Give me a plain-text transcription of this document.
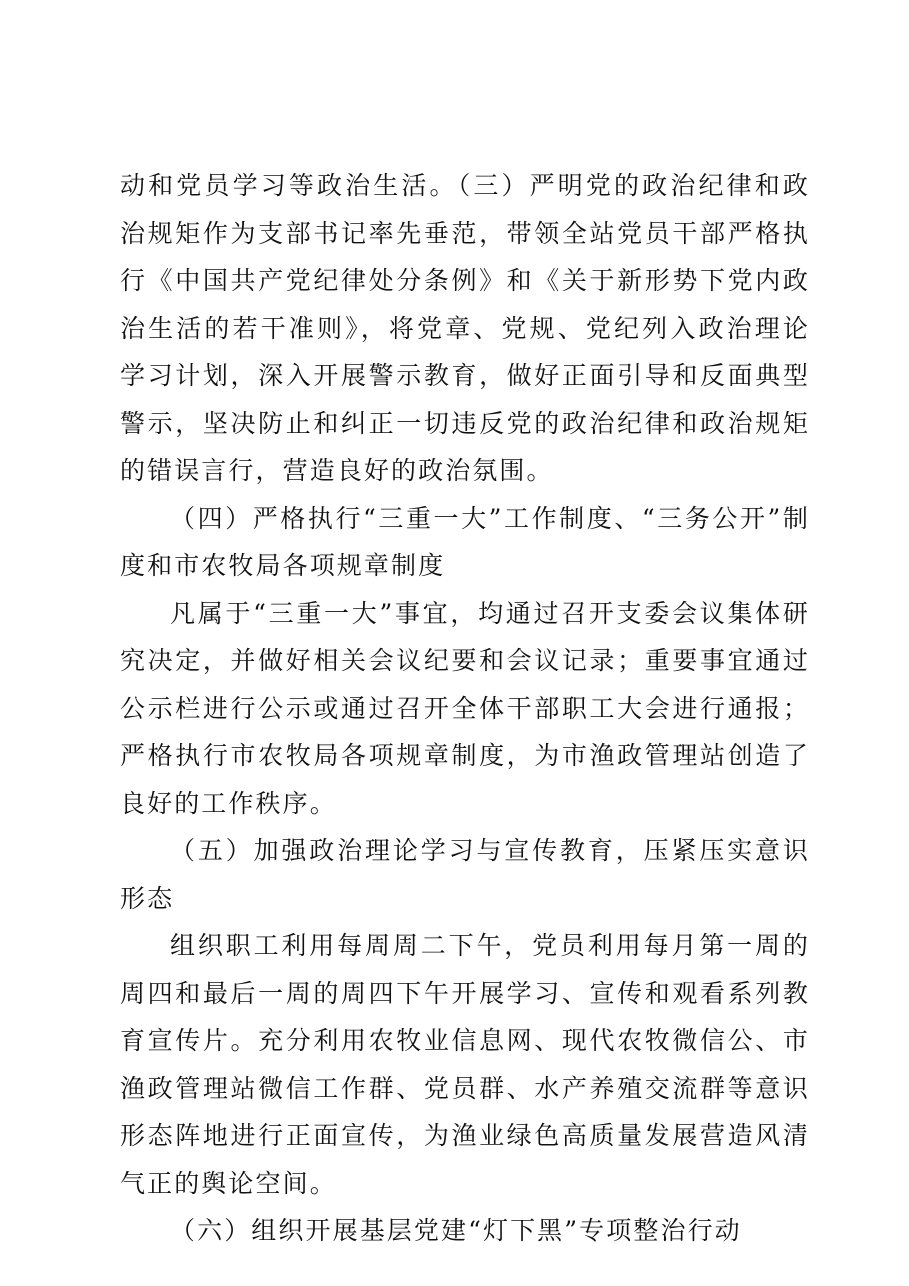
动和党员学习等政治生活。（三）严明党的政治纪律和政治规矩作为支部书记率先垂范，带领全站党员干部严格执行《中国共产党纪律处分条例》和《关于新形势下党内政治生活的若干准则》，将党章、党规、党纪列入政治理论学习计划，深入开展警示教育，做好正面引导和反面典型警示，坚决防止和纠正一切违反党的政治纪律和政治规矩的错误言行，营造良好的政治氛围。

（四）严格执行“三重一大”工作制度、“三务公开”制度和市农牧局各项规章制度

凡属于“三重一大”事宜，均通过召开支委会议集体研究决定，并做好相关会议纪要和会议记录；重要事宜通过公示栏进行公示或通过召开全体干部职工大会进行通报；严格执行市农牧局各项规章制度，为市渔政管理站创造了良好的工作秩序。

（五）加强政治理论学习与宣传教育，压紧压实意识形态

组织职工利用每周周二下午，党员利用每月第一周的周四和最后一周的周四下午开展学习、宣传和观看系列教育宣传片。充分利用农牧业信息网、现代农牧微信公、市渔政管理站微信工作群、党员群、水产养殖交流群等意识形态阵地进行正面宣传，为渔业绿色高质量发展营造风清气正的舆论空间。

（六）组织开展基层党建“灯下黑”专项整治行动
